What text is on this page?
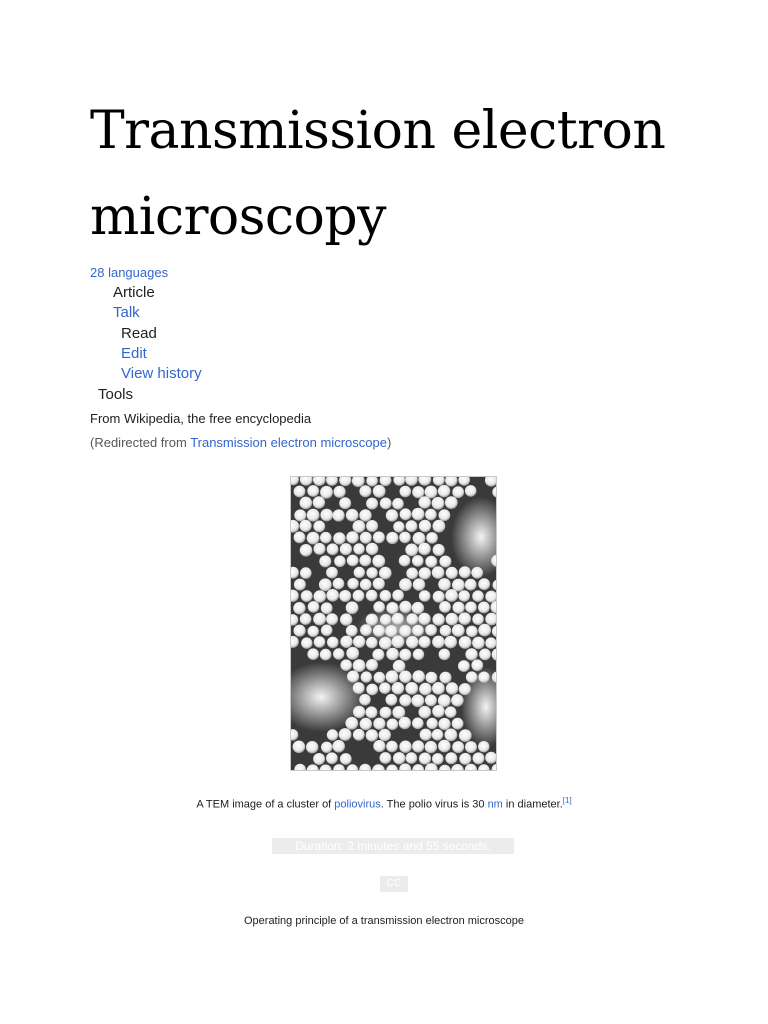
Transmission electron microscopy
28 languages
Article
Talk
Read
Edit
View history
Tools
From Wikipedia, the free encyclopedia
(Redirected from Transmission electron microscope)
A TEM image of a cluster of poliovirus. The polio virus is 30 nm in diameter.[1]
Duration: 2 minutes and 55 seconds.
CC
Operating principle of a transmission electron microscope
